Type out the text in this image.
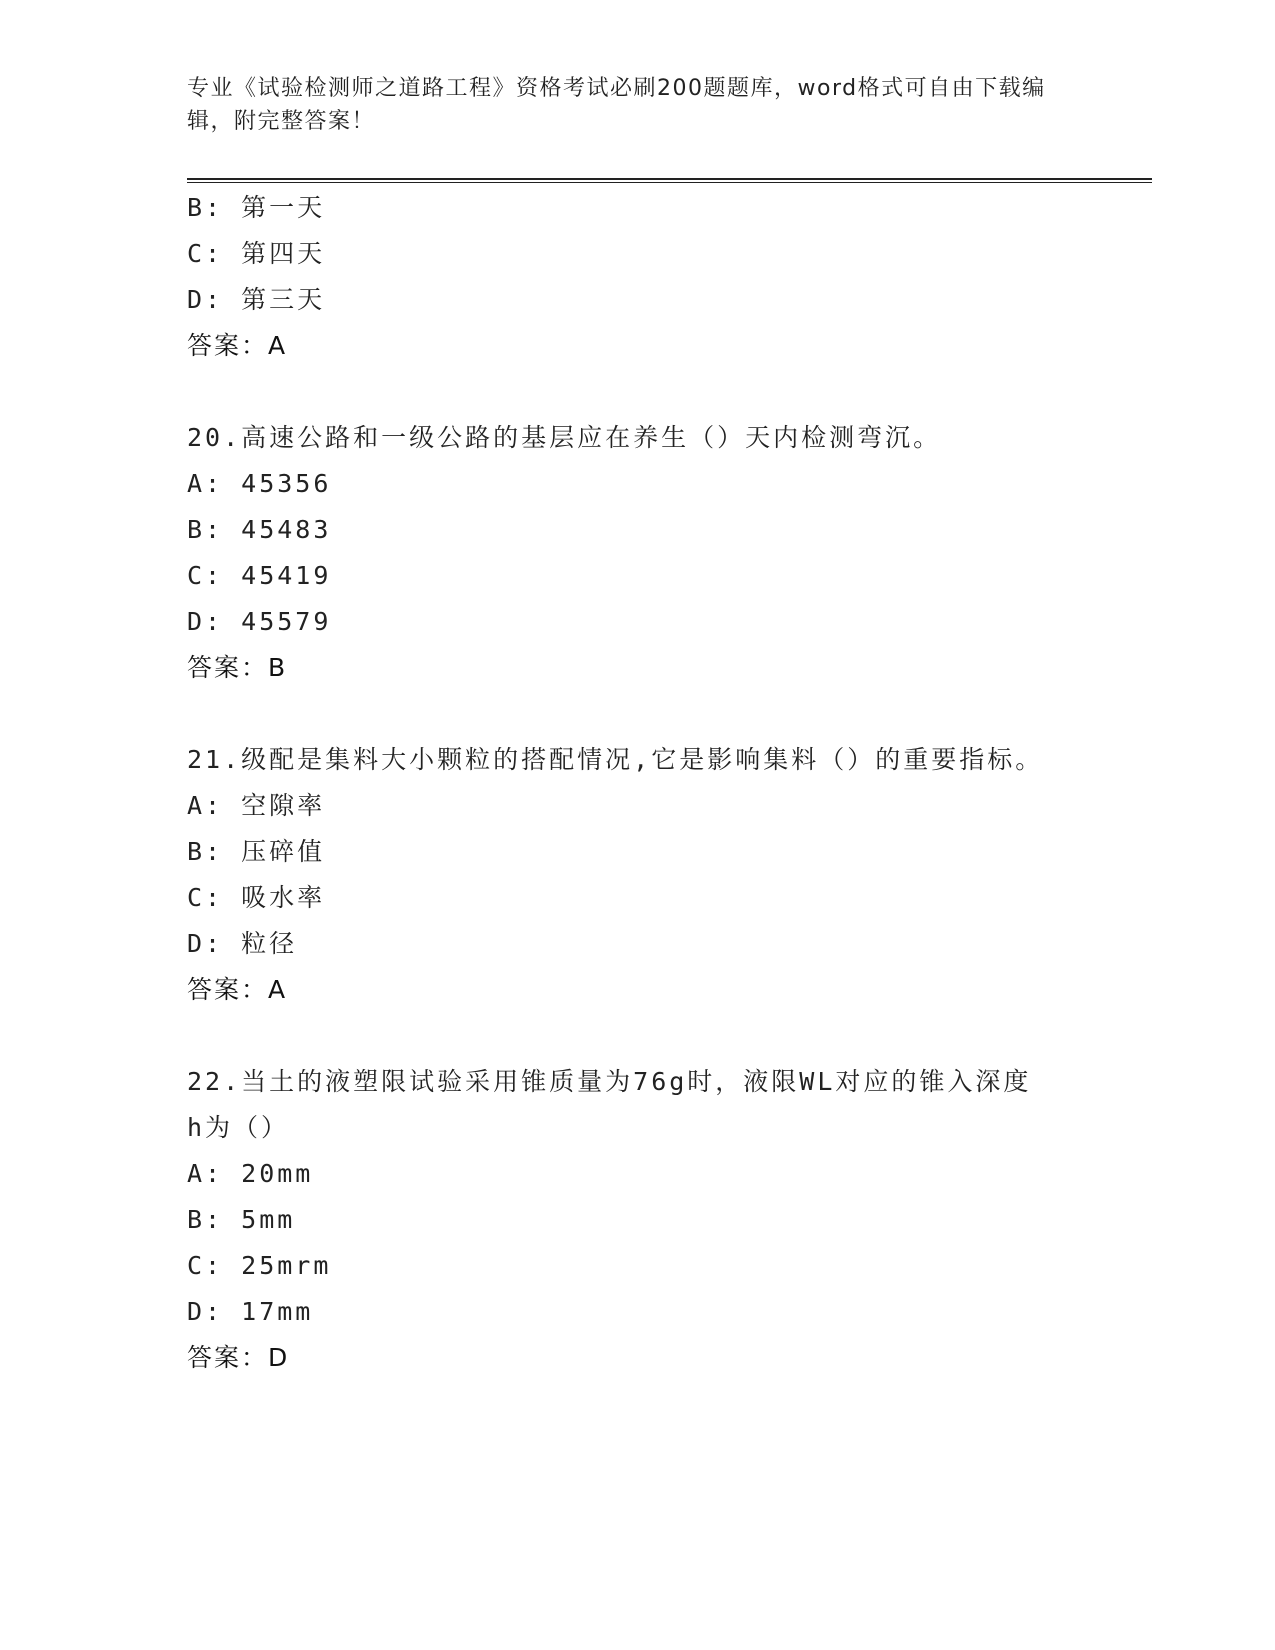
专业《试验检测师之道路工程》资格考试必刷200题题库，word格式可自由下载编辑，附完整答案！
B: 第一天
C: 第四天
D: 第三天
答案：A
20.高速公路和一级公路的基层应在养生（）天内检测弯沉。
A: 45356
B: 45483
C: 45419
D: 45579
答案：B
21.级配是集料大小颗粒的搭配情况,它是影响集料（）的重要指标。
A: 空隙率
B: 压碎值
C: 吸水率
D: 粒径
答案：A
22.当土的液塑限试验采用锥质量为76g时，液限WL对应的锥入深度
h为（）
A: 20mm
B: 5mm
C: 25mrm
D: 17mm
答案：D
